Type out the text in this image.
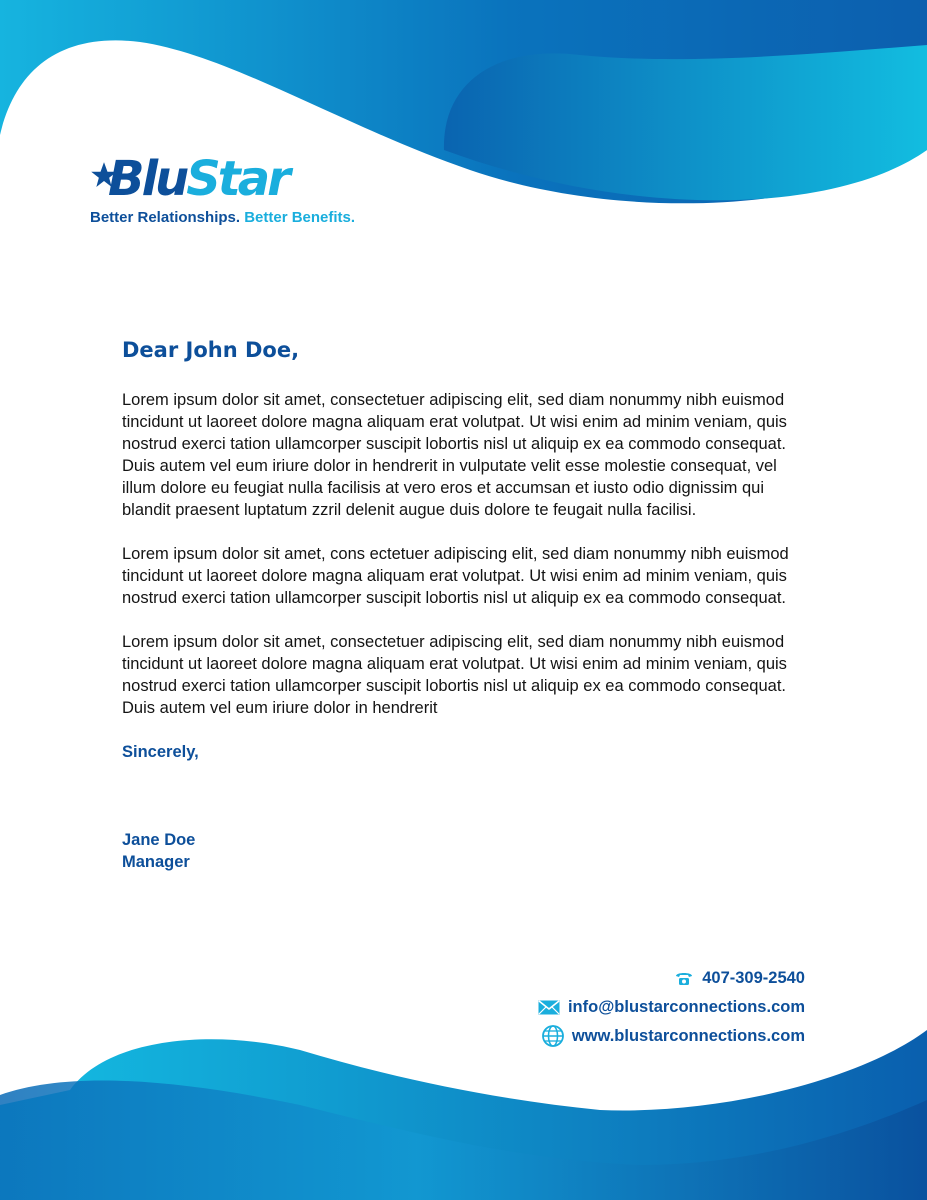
BluStar
Better Relationships. Better Benefits.
Dear John Doe,

Lorem ipsum dolor sit amet, consectetuer adipiscing elit, sed diam nonummy nibh euismod tincidunt ut laoreet dolore magna aliquam erat volutpat. Ut wisi enim ad minim veniam, quis nostrud exerci tation ullamcorper suscipit lobortis nisl ut aliquip ex ea commodo consequat. Duis autem vel eum iriure dolor in hendrerit in vulputate velit esse molestie consequat, vel illum dolore eu feugiat nulla facilisis at vero eros et accumsan et iusto odio dignissim qui blandit praesent luptatum zzril delenit augue duis dolore te feugait nulla facilisi.

Lorem ipsum dolor sit amet, cons ectetuer adipiscing elit, sed diam nonummy nibh euismod tincidunt ut laoreet dolore magna aliquam erat volutpat. Ut wisi enim ad minim veniam, quis nostrud exerci tation ullamcorper suscipit lobortis nisl ut aliquip ex ea commodo consequat.

Lorem ipsum dolor sit amet, consectetuer adipiscing elit, sed diam nonummy nibh euismod tincidunt ut laoreet dolore magna aliquam erat volutpat. Ut wisi enim ad minim veniam, quis nostrud exerci tation ullamcorper suscipit lobortis nisl ut aliquip ex ea commodo consequat. Duis autem vel eum iriure dolor in hendrerit

Sincerely,

Jane Doe
Manager
407-309-2540
info@blustarconnections.com
www.blustarconnections.com
